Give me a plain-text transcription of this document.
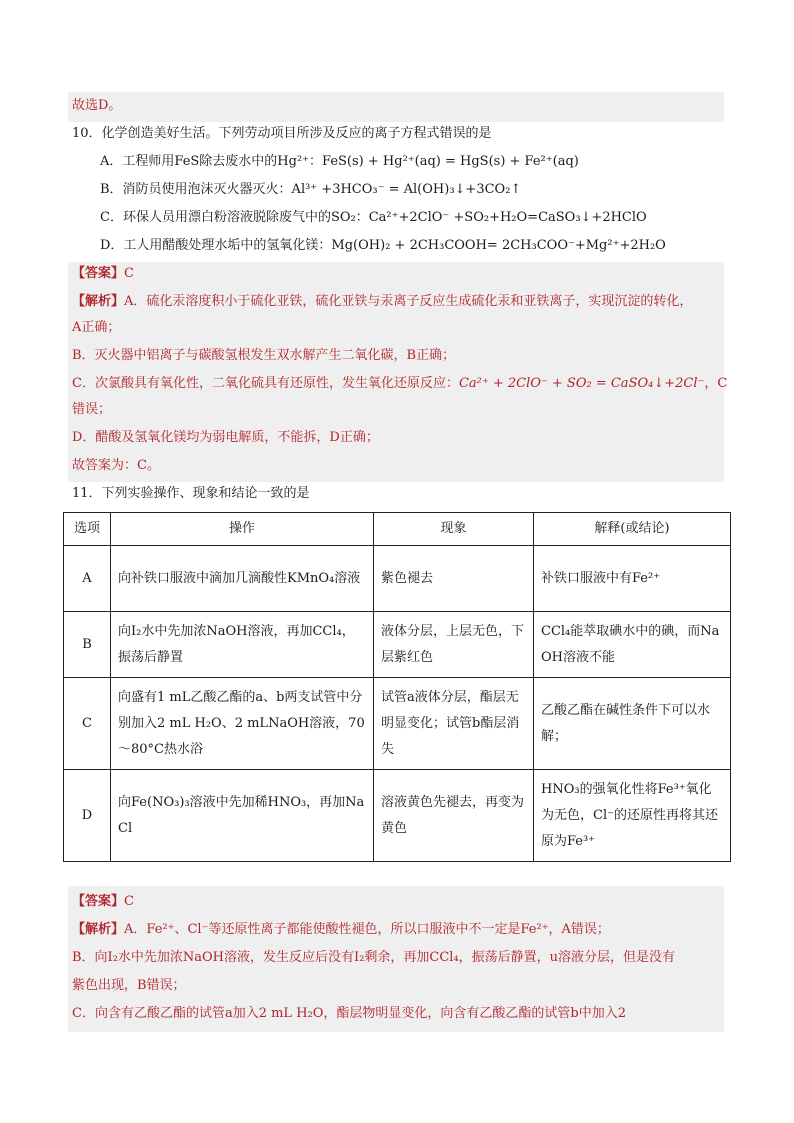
故选D。
10．化学创造美好生活。下列劳动项目所涉及反应的离子方程式错误的是
A．工程师用FeS除去废水中的Hg²⁺：FeS(s) + Hg²⁺(aq) = HgS(s) + Fe²⁺(aq)
B．消防员使用泡沫灭火器灭火：Al³⁺ +3HCO₃⁻ = Al(OH)₃↓+3CO₂↑
C．环保人员用漂白粉溶液脱除废气中的SO₂：Ca²⁺+2ClO⁻ +SO₂+H₂O=CaSO₃↓+2HClO
D．工人用醋酸处理水垢中的氢氧化镁：Mg(OH)₂ + 2CH₃COOH= 2CH₃COO⁻+Mg²⁺+2H₂O
【答案】C
【解析】A．硫化汞溶度积小于硫化亚铁，硫化亚铁与汞离子反应生成硫化汞和亚铁离子，实现沉淀的转化，
A正确；
B．灭火器中铝离子与碳酸氢根发生双水解产生二氧化碳，B正确；
C．次氯酸具有氧化性，二氧化硫具有还原性，发生氧化还原反应：Ca²⁺ + 2ClO⁻ + SO₂ = CaSO₄↓+2Cl⁻，C
错误；
D．醋酸及氢氧化镁均为弱电解质，不能拆，D正确；
故答案为：C。
11．下列实验操作、现象和结论一致的是
选项	操作	现象	解释(或结论)
A	向补铁口服液中滴加几滴酸性KMnO₄溶液	紫色褪去	补铁口服液中有Fe²⁺
B	向I₂水中先加浓NaOH溶液，再加CCl₄，振荡后静置	液体分层，上层无色，下层紫红色	CCl₄能萃取碘水中的碘，而NaOH溶液不能
C	向盛有1 mL乙酸乙酯的a、b两支试管中分别加入2 mL H₂O、2 mLNaOH溶液，70～80°C热水浴	试管a液体分层，酯层无明显变化；试管b酯层消失	乙酸乙酯在碱性条件下可以水解；
D	向Fe(NO₃)₃溶液中先加稀HNO₃，再加NaCl	溶液黄色先褪去，再变为黄色	HNO₃的强氧化性将Fe³⁺氧化为无色，Cl⁻的还原性再将其还原为Fe³⁺
【答案】C
【解析】A．Fe²⁺、Cl⁻等还原性离子都能使酸性褪色，所以口服液中不一定是Fe²⁺，A错误；
B．向I₂水中先加浓NaOH溶液，发生反应后没有I₂剩余，再加CCl₄，振荡后静置，u溶液分层，但是没有
紫色出现，B错误；
C．向含有乙酸乙酯的试管a加入2 mL H₂O，酯层物明显变化，向含有乙酸乙酯的试管b中加入2
